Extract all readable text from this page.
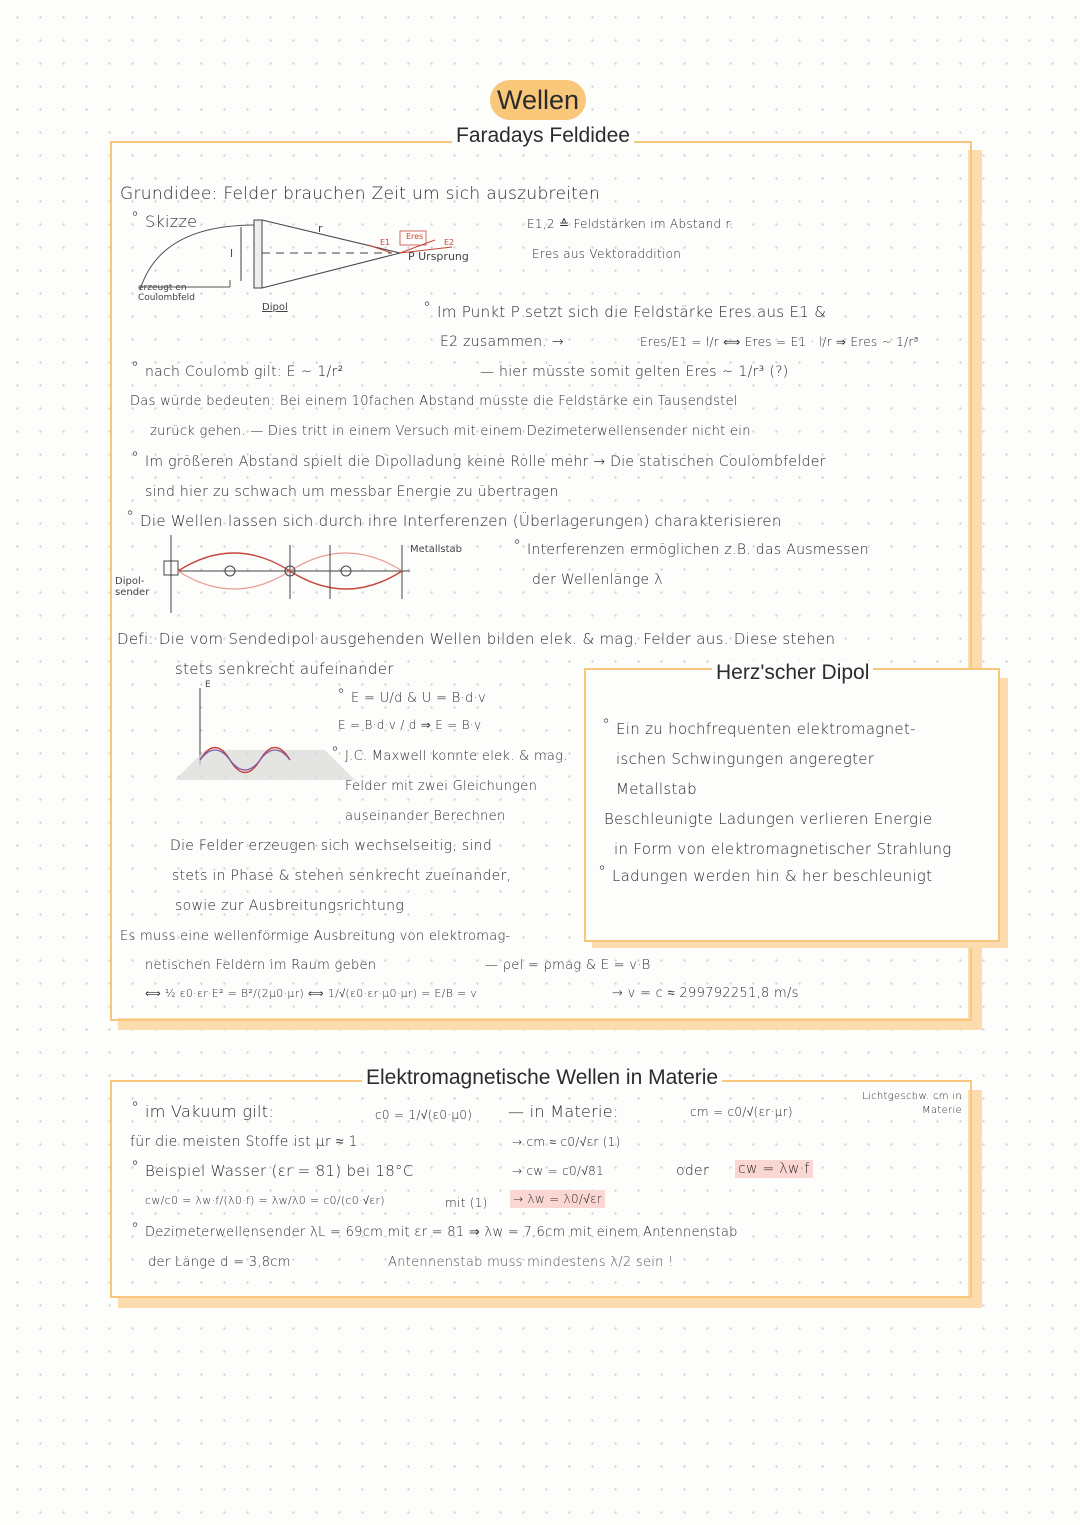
Wellen
Faradays Feldidee
Grundidee: Felder brauchen Zeit um sich auszubreiten
° Skizze
Eres
E1	E2
l
r
P Ursprung
erzeugt en Coulombfeld
Dipol
E1,2 ≙ Feldstärken im Abstand r.
Eres aus Vektoraddition
° Im Punkt P setzt sich die Feldstärke Eres aus E1 &
E2 zusammen. →	Eres/E1 = l/r ⟺ Eres = E1 · l/r ⇒ Eres ~ 1/r³
° nach Coulomb gilt: E ~ 1/r²	— hier müsste somit gelten Eres ~ 1/r³ (?)
Das würde bedeuten: Bei einem 10fachen Abstand müsste die Feldstärke ein Tausendstel
zurück gehen. — Dies tritt in einem Versuch mit einem Dezimeterwellensender nicht ein
° Im größeren Abstand spielt die Dipolladung keine Rolle mehr → Die statischen Coulombfelder
sind hier zu schwach um messbar Energie zu übertragen
° Die Wellen lassen sich durch ihre Interferenzen (Überlagerungen) charakterisieren
Metallstab
Dipol-sender
° Interferenzen ermöglichen z.B. das Ausmessen
der Wellenlänge λ
Defi: Die vom Sendedipol ausgehenden Wellen bilden elek. & mag. Felder aus. Diese stehen
stets senkrecht aufeinander
E
° E = U/d & U = B·d·v
E = B·d·v / d ⇒ E = B·v
° J.C. Maxwell konnte elek. & mag.
Felder mit zwei Gleichungen
auseinander Berechnen
Die Felder erzeugen sich wechselseitig, sind
stets in Phase & stehen senkrecht zueinander,
sowie zur Ausbreitungsrichtung
Es muss eine wellenförmige Ausbreitung von elektromag-
netischen Feldern im Raum geben	— ρel = ρmag & E = v·B
⟺ ½ ε0·εr·E² = B²/(2μ0·μr) ⟺ 1/√(ε0·εr·μ0·μr) = E/B = v	→ v = c ≈ 299792251,8 m/s
Herz'scher Dipol
° Ein zu hochfrequenten elektromagnet-
ischen Schwingungen angeregter
Metallstab
Beschleunigte Ladungen verlieren Energie
in Form von elektromagnetischer Strahlung
° Ladungen werden hin & her beschleunigt
Elektromagnetische Wellen in Materie
° im Vakuum gilt:	c0 = 1/√(ε0·μ0) — in Materie:	cm = c0/√(εr·μr)
Lichtgeschw. cm in Materie
für die meisten Stoffe ist μr ≈ 1	→ cm ≈ c0/√εr (1)
° Beispiel Wasser (εr = 81) bei 18°C	→ cw = c0/√81	oder cw = λw·f
cw/c0 = λw·f/(λ0·f) = λw/λ0 = c0/(c0·√εr)	mit (1) → λw = λ0/√εr
° Dezimeterwellensender λL = 69cm mit εr = 81 ⇒ λw = 7,6cm mit einem Antennenstab
der Länge d = 3,8cm	Antennenstab muss mindestens λ/2 sein !
